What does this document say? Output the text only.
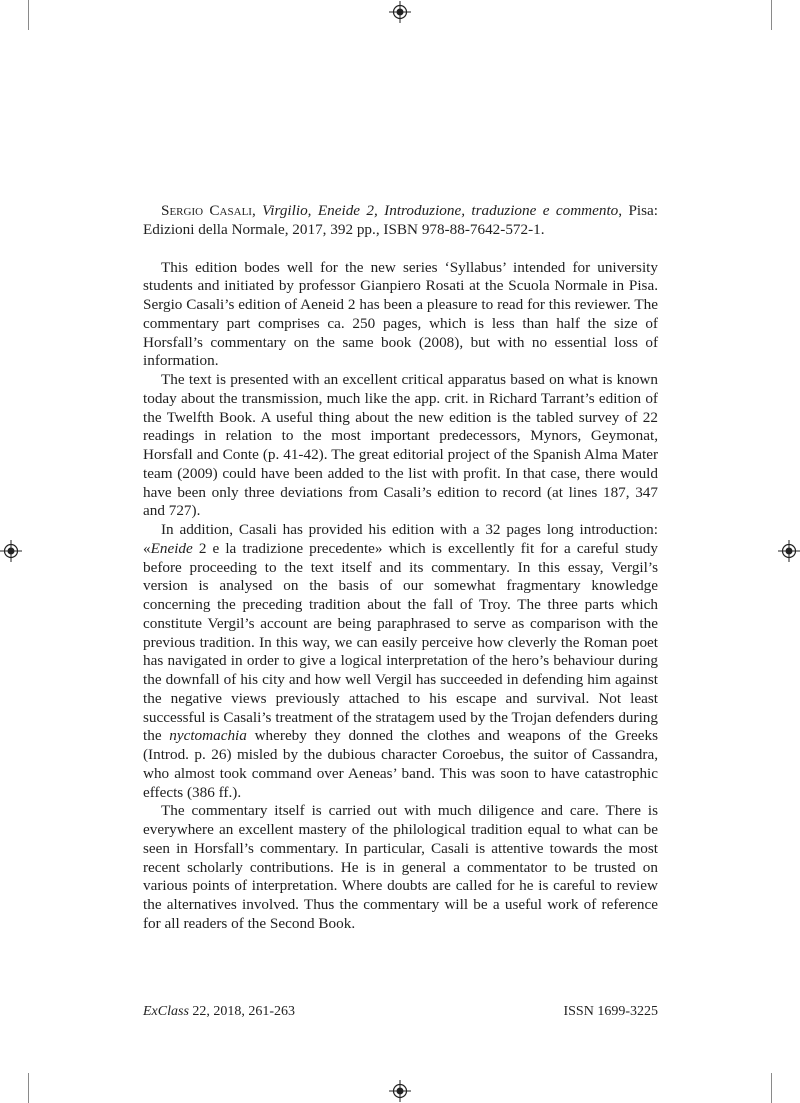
Sergio Casali, Virgilio, Eneide 2, Introduzione, traduzione e commento, Pisa: Edizioni della Normale, 2017, 392 pp., ISBN 978-88-7642-572-1.

This edition bodes well for the new series ‘Syllabus’ intended for university students and initiated by professor Gianpiero Rosati at the Scuola Normale in Pisa. Sergio Casali’s edition of Aeneid 2 has been a pleasure to read for this reviewer. The commentary part comprises ca. 250 pages, which is less than half the size of Horsfall’s commentary on the same book (2008), but with no essential loss of information.

The text is presented with an excellent critical apparatus based on what is known today about the transmission, much like the app. crit. in Richard Tarrant’s edition of the Twelfth Book. A useful thing about the new edition is the tabled survey of 22 readings in relation to the most important predecessors, Mynors, Geymonat, Horsfall and Conte (p. 41-42). The great editorial project of the Spanish Alma Mater team (2009) could have been added to the list with profit. In that case, there would have been only three deviations from Casali’s edition to record (at lines 187, 347 and 727).

In addition, Casali has provided his edition with a 32 pages long introduction: «Eneide 2 e la tradizione precedente» which is excellently fit for a careful study before proceeding to the text itself and its commentary. In this essay, Vergil’s version is analysed on the basis of our somewhat fragmentary knowledge concerning the preceding tradition about the fall of Troy. The three parts which constitute Vergil’s account are being paraphrased to serve as comparison with the previous tradition. In this way, we can easily perceive how cleverly the Roman poet has navigated in order to give a logical interpretation of the hero’s behaviour during the downfall of his city and how well Vergil has succeeded in defending him against the negative views previously attached to his escape and survival. Not least successful is Casali’s treatment of the stratagem used by the Trojan defenders during the nyctomachia whereby they donned the clothes and weapons of the Greeks (Introd. p. 26) misled by the dubious character Coroebus, the suitor of Cassandra, who almost took command over Aeneas’ band. This was soon to have catastrophic effects (386 ff.).

The commentary itself is carried out with much diligence and care. There is everywhere an excellent mastery of the philological tradition equal to what can be seen in Horsfall’s commentary. In particular, Casali is attentive towards the most recent scholarly contributions. He is in general a commentator to be trusted on various points of interpretation. Where doubts are called for he is careful to review the alternatives involved. Thus the commentary will be a useful work of reference for all readers of the Second Book.

ExClass 22, 2018, 261-263	ISSN 1699-3225
